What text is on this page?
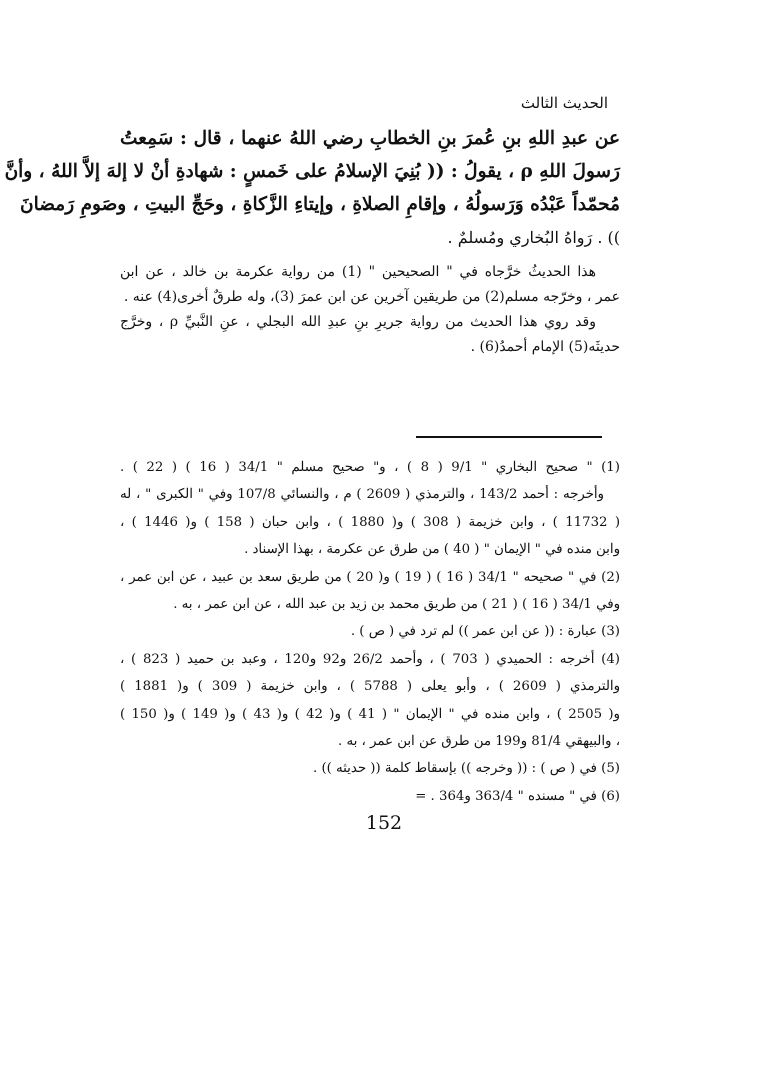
الحديث الثالث
عن عبدِ اللهِ بنِ عُمرَ بنِ الخطابِ رضي اللهُ عنهما ، قال : سَمِعتُ
رَسولَ اللهِ ρ ، يقولُ : (( بُنِيَ الإسلامُ على خَمسٍ : شهادةِ أنْ لا إلهَ إلاَّ اللهُ ، وأنَّ
مُحمّداً عَبْدُه وَرَسولُهُ ، وإقامِ الصلاةِ ، وإيتاءِ الزَّكاةِ ، وحَجِّ البيتِ ، وصَومِ رَمضانَ
)) . رَواهُ البُخاري ومُسلمٌ .
هذا الحديثُ خرَّجاه في " الصحيحين " (1) من رواية عكرمة بن خالد ، عن ابن
عمر ، وخرّجه مسلم(2) من طريقين آخرين عن ابن عمرَ (3)، وله طرقٌ أخرى(4) عنه .
وقد روي هذا الحديث من رواية جريرِ بنِ عبدِ الله البجلي ، عنِ النَّبيِّ ρ ، وخرَّج
حديثَه(5) الإمام أحمدُ(6) .
(1) " صحيح البخاري " 9/1 ( 8 ) ، و" صحيح مسلم " 34/1 ( 16 ) ( 22 ) .
وأخرجه : أحمد 143/2 ، والترمذي ( 2609 ) م ، والنسائي 107/8 وفي " الكبرى " ، له
( 11732 ) ، وابن خزيمة ( 308 ) و( 1880 ) ، وابن حبان ( 158 ) و( 1446 ) ،
وابن منده في " الإيمان " ( 40 ) من طرق عن عكرمة ، بهذا الإسناد .
(2) في " صحيحه " 34/1 ( 16 ) ( 19 ) و( 20 ) من طريق سعد بن عبيد ، عن ابن عمر ،
وفي 34/1 ( 16 ) ( 21 ) من طريق محمد بن زيد بن عبد الله ، عن ابن عمر ، به .
(3) عبارة : (( عن ابن عمر )) لم ترد في ( ص ) .
(4) أخرجه : الحميدي ( 703 ) ، وأحمد 26/2 و92 و120 ، وعبد بن حميد ( 823 ) ،
والترمذي ( 2609 ) ، وأبو يعلى ( 5788 ) ، وابن خزيمة ( 309 ) و( 1881 )
و( 2505 ) ، وابن منده في " الإيمان " ( 41 ) و( 42 ) و( 43 ) و( 149 ) و( 150 )
، والبيهقي 81/4 و199 من طرق عن ابن عمر ، به .
(5) في ( ص ) : (( وخرجه )) بإسقاط كلمة (( حديثه )) .
(6) في " مسنده " 363/4 و364 . =
152
